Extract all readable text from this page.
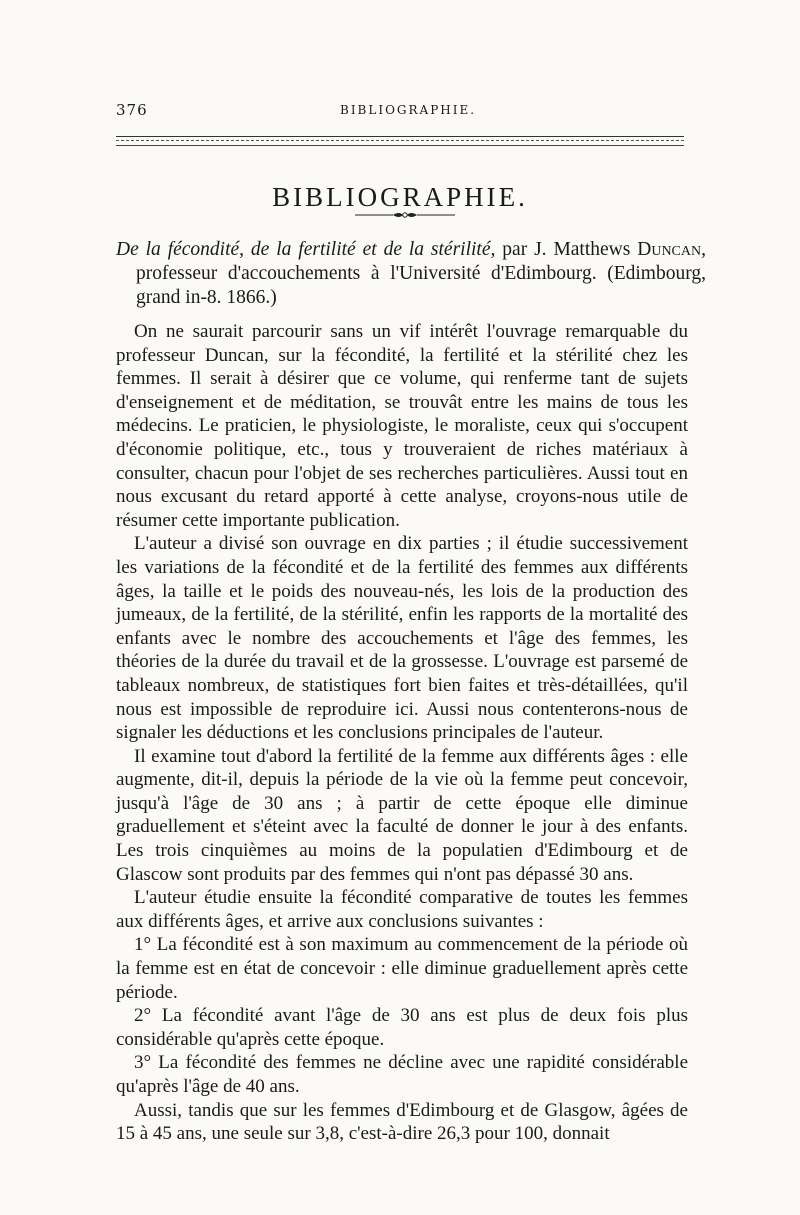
376	BIBLIOGRAPHIE.
BIBLIOGRAPHIE.
De la fécondité, de la fertilité et de la stérilité, par J. Matthews Duncan, professeur d'accouchements à l'Université d'Edimbourg. (Edimbourg, grand in-8. 1866.)

On ne saurait parcourir sans un vif intérêt l'ouvrage remarquable du professeur Duncan, sur la fécondité, la fertilité et la stérilité chez les femmes. Il serait à désirer que ce volume, qui renferme tant de sujets d'enseignement et de méditation, se trouvât entre les mains de tous les médecins. Le praticien, le physiologiste, le moraliste, ceux qui s'occupent d'économie politique, etc., tous y trouveraient de riches matériaux à consulter, chacun pour l'objet de ses recherches particulières. Aussi tout en nous excusant du retard apporté à cette analyse, croyons-nous utile de résumer cette importante publication.

L'auteur a divisé son ouvrage en dix parties ; il étudie successivement les variations de la fécondité et de la fertilité des femmes aux différents âges, la taille et le poids des nouveau-nés, les lois de la production des jumeaux, de la fertilité, de la stérilité, enfin les rapports de la mortalité des enfants avec le nombre des accouchements et l'âge des femmes, les théories de la durée du travail et de la grossesse. L'ouvrage est parsemé de tableaux nombreux, de statistiques fort bien faites et très-détaillées, qu'il nous est impossible de reproduire ici. Aussi nous contenterons-nous de signaler les déductions et les conclusions principales de l'auteur.

Il examine tout d'abord la fertilité de la femme aux différents âges : elle augmente, dit-il, depuis la période de la vie où la femme peut concevoir, jusqu'à l'âge de 30 ans ; à partir de cette époque elle diminue graduellement et s'éteint avec la faculté de donner le jour à des enfants. Les trois cinquièmes au moins de la populatien d'Edimbourg et de Glascow sont produits par des femmes qui n'ont pas dépassé 30 ans.

L'auteur étudie ensuite la fécondité comparative de toutes les femmes aux différents âges, et arrive aux conclusions suivantes :

1° La fécondité est à son maximum au commencement de la période où la femme est en état de concevoir : elle diminue graduellement après cette période.

2° La fécondité avant l'âge de 30 ans est plus de deux fois plus considérable qu'après cette époque.

3° La fécondité des femmes ne décline avec une rapidité considérable qu'après l'âge de 40 ans.

Aussi, tandis que sur les femmes d'Edimbourg et de Glasgow, âgées de 15 à 45 ans, une seule sur 3,8, c'est-à-dire 26,3 pour 100, donnait
